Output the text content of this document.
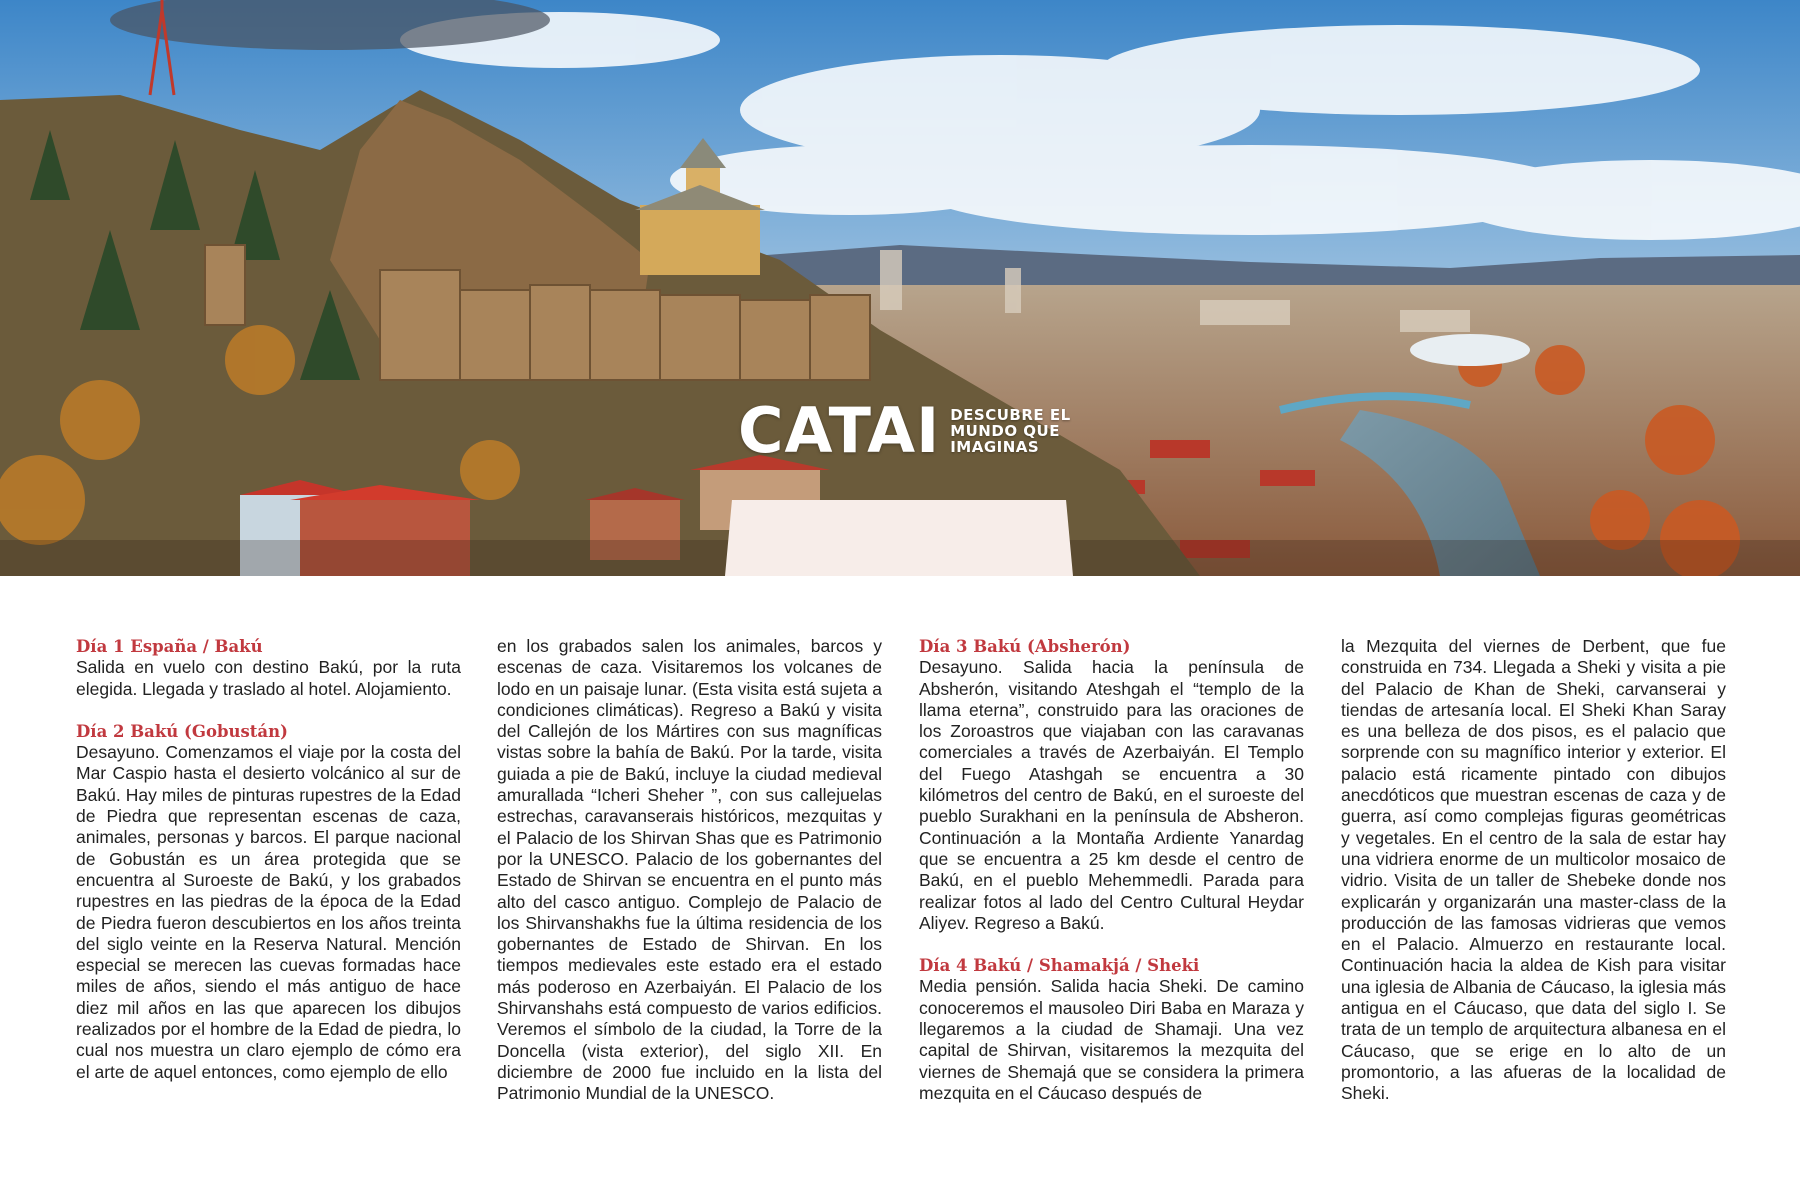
CATAI DESCUBRE EL
MUNDO QUE
IMAGINAS
Día 1 España / Bakú

Salida en vuelo con destino Bakú, por la ruta elegida. Llegada y traslado al hotel. Alojamiento.

Día 2 Bakú (Gobustán)

Desayuno. Comenzamos el viaje por la costa del Mar Caspio hasta el desierto volcánico al sur de Bakú. Hay miles de pinturas rupestres de la Edad de Piedra que representan escenas de caza, animales, personas y barcos. El parque nacional de Gobustán es un área protegida que se encuentra al Suroeste de Bakú, y los grabados rupestres en las piedras de la época de la Edad de Piedra fueron descubiertos en los años treinta del siglo veinte en la Reserva Natural. Mención especial se merecen las cuevas formadas hace miles de años, siendo el más antiguo de hace diez mil años en las que aparecen los dibujos realizados por el hombre de la Edad de piedra, lo cual nos muestra un claro ejemplo de cómo era el arte de aquel entonces, como ejemplo de ello

en los grabados salen los animales, barcos y escenas de caza. Visitaremos los volcanes de lodo en un paisaje lunar. (Esta visita está sujeta a condiciones climáticas). Regreso a Bakú y visita del Callejón de los Mártires con sus magníficas vistas sobre la bahía de Bakú. Por la tarde, visita guiada a pie de Bakú, incluye la ciudad medieval amurallada “Icheri Sheher ”, con sus callejuelas estrechas, caravanserais históricos, mezquitas y el Palacio de los Shirvan Shas que es Patrimonio por la UNESCO. Palacio de los gobernantes del Estado de Shirvan se encuentra en el punto más alto del casco antiguo. Complejo de Palacio de los Shirvanshakhs fue la última residencia de los gobernantes de Estado de Shirvan. En los tiempos medievales este estado era el estado más poderoso en Azerbaiyán. El Palacio de los Shirvanshahs está compuesto de varios edificios. Veremos el símbolo de la ciudad, la Torre de la Doncella (vista exterior), del siglo XII. En diciembre de 2000 fue incluido en la lista del Patrimonio Mundial de la UNESCO.

Día 3 Bakú (Absherón)

Desayuno. Salida hacia la península de Absherón, visitando Ateshgah el “templo de la llama eterna”, construido para las oraciones de los Zoroastros que viajaban con las caravanas comerciales a través de Azerbaiyán. El Templo del Fuego Atashgah se encuentra a 30 kilómetros del centro de Bakú, en el suroeste del pueblo Surakhani en la península de Absheron. Continuación a la Montaña Ardiente Yanardag que se encuentra a 25 km desde el centro de Bakú, en el pueblo Mehemmedli. Parada para realizar fotos al lado del Centro Cultural Heydar Aliyev. Regreso a Bakú.

Día 4 Bakú / Shamakjá / Sheki

Media pensión. Salida hacia Sheki. De camino conoceremos el mausoleo Diri Baba en Maraza y llegaremos a la ciudad de Shamaji. Una vez capital de Shirvan, visitaremos la mezquita del viernes de Shemajá que se considera la primera mezquita en el Cáucaso después de

la Mezquita del viernes de Derbent, que fue construida en 734. Llegada a Sheki y visita a pie del Palacio de Khan de Sheki, carvanserai y tiendas de artesanía local. El Sheki Khan Saray es una belleza de dos pisos, es el palacio que sorprende con su magnífico interior y exterior. El palacio está ricamente pintado con dibujos anecdóticos que muestran escenas de caza y de guerra, así como complejas figuras geométricas y vegetales. En el centro de la sala de estar hay una vidriera enorme de un multicolor mosaico de vidrio. Visita de un taller de Shebeke donde nos explicarán y organizarán una master-class de la producción de las famosas vidrieras que vemos en el Palacio. Almuerzo en restaurante local. Continuación hacia la aldea de Kish para visitar una iglesia de Albania de Cáucaso, la iglesia más antigua en el Cáucaso, que data del siglo I. Se trata de un templo de arquitectura albanesa en el Cáucaso, que se erige en lo alto de un promontorio, a las afueras de la localidad de Sheki.
